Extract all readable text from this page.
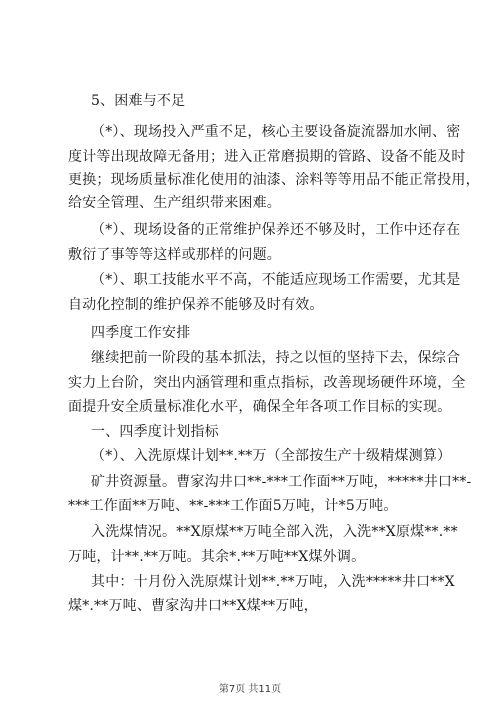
5、困难与不足
（*）、现场投入严重不足，核心主要设备旋流器加水闸、密
度计等出现故障无备用；进入正常磨损期的管路、设备不能及时
更换；现场质量标准化使用的油漆、涂料等等用品不能正常投用，
给安全管理、生产组织带来困难。
（*）、现场设备的正常维护保养还不够及时，工作中还存在
敷衍了事等等这样或那样的问题。
（*）、职工技能水平不高，不能适应现场工作需要，尤其是
自动化控制的维护保养不能够及时有效。
四季度工作安排
继续把前一阶段的基本抓法，持之以恒的坚持下去，保综合
实力上台阶，突出内涵管理和重点指标，改善现场硬件环境，全
面提升安全质量标准化水平，确保全年各项工作目标的实现。
一、四季度计划指标
（*）、入洗原煤计划**.**万（全部按生产十级精煤测算）
矿井资源量。曹家沟井口**-***工作面**万吨，*****井口**-
***工作面**万吨、**-***工作面5万吨，计*5万吨。
入洗煤情况。**X原煤**万吨全部入洗，入洗**X原煤**.**
万吨，计**.**万吨。其余*.**万吨**X煤外调。
其中：十月份入洗原煤计划**.**万吨，入洗*****井口**X
煤*.**万吨、曹家沟井口**X煤**万吨，
第7页 共11页
